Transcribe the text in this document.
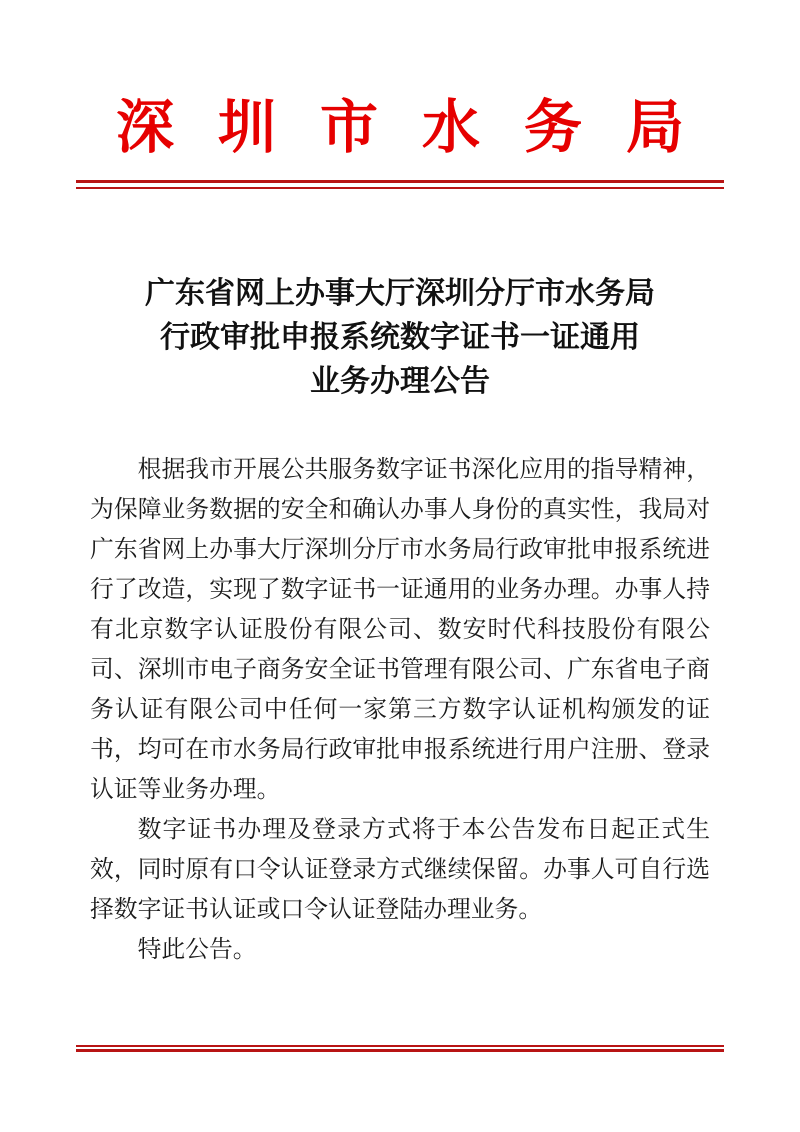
深圳市水务局
广东省网上办事大厅深圳分厅市水务局
行政审批申报系统数字证书一证通用
业务办理公告

根据我市开展公共服务数字证书深化应用的指导精神，为保障业务数据的安全和确认办事人身份的真实性，我局对广东省网上办事大厅深圳分厅市水务局行政审批申报系统进行了改造，实现了数字证书一证通用的业务办理。办事人持有北京数字认证股份有限公司、数安时代科技股份有限公司、深圳市电子商务安全证书管理有限公司、广东省电子商务认证有限公司中任何一家第三方数字认证机构颁发的证书，均可在市水务局行政审批申报系统进行用户注册、登录认证等业务办理。

数字证书办理及登录方式将于本公告发布日起正式生效，同时原有口令认证登录方式继续保留。办事人可自行选择数字证书认证或口令认证登陆办理业务。

特此公告。
